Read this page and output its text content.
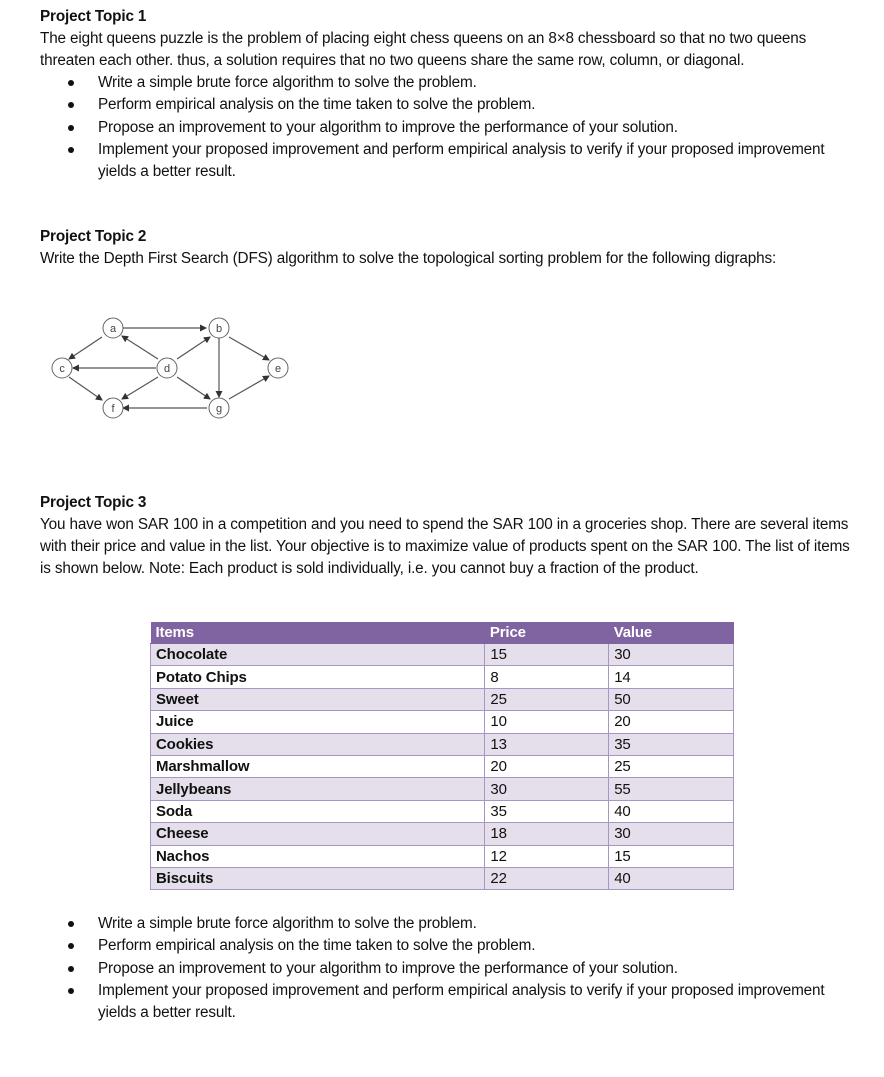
Project Topic 1
The eight queens puzzle is the problem of placing eight chess queens on an 8×8 chessboard so that no two queens threaten each other. thus, a solution requires that no two queens share the same row, column, or diagonal.
Write a simple brute force algorithm to solve the problem.
Perform empirical analysis on the time taken to solve the problem.
Propose an improvement to your algorithm to improve the performance of your solution.
Implement your proposed improvement and perform empirical analysis to verify if your proposed improvement yields a better result.
Project Topic 2
Write the Depth First Search (DFS) algorithm to solve the topological sorting problem for the following digraphs:
a	b
c	d	e
f	g
Project Topic 3
You have won SAR 100 in a competition and you need to spend the SAR 100 in a groceries shop. There are several items with their price and value in the list. Your objective is to maximize value of products spent on the SAR 100. The list of items is shown below. Note: Each product is sold individually, i.e. you cannot buy a fraction of the product.
Items	Price	Value
Chocolate	15	30
Potato Chips	8	14
Sweet	25	50
Juice	10	20
Cookies	13	35
Marshmallow	20	25
Jellybeans	30	55
Soda	35	40
Cheese	18	30
Nachos	12	15
Biscuits	22	40
Write a simple brute force algorithm to solve the problem.
Perform empirical analysis on the time taken to solve the problem.
Propose an improvement to your algorithm to improve the performance of your solution.
Implement your proposed improvement and perform empirical analysis to verify if your proposed improvement yields a better result.
